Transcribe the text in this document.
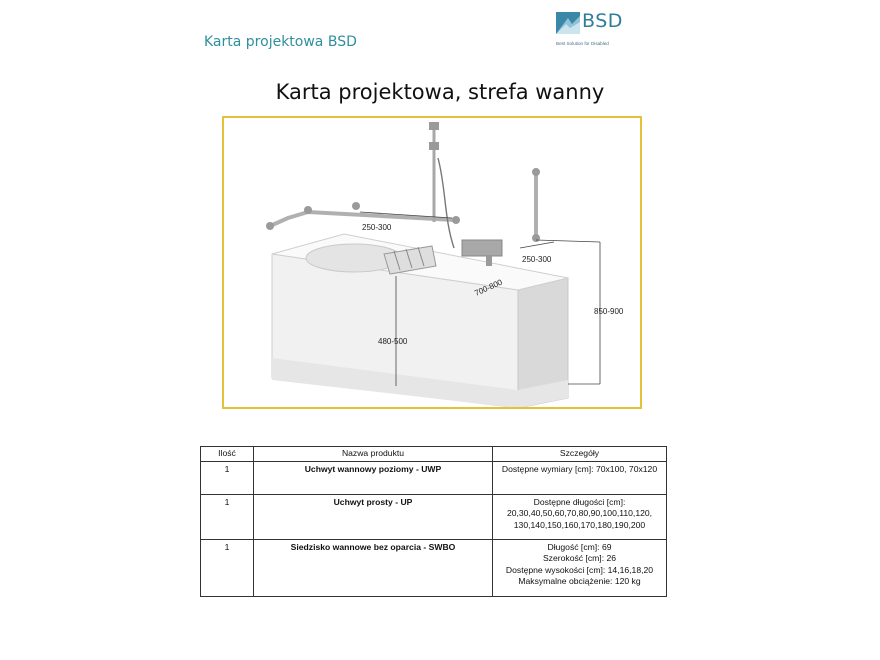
Karta projektowa BSD
BSD
Best Solution for Disabled
Karta projektowa, strefa wanny
250-300
250-300
700-800
480-500
850-900
Ilość	Nazwa produktu	Szczegóły
1	Uchwyt wannowy poziomy - UWP	Dostępne wymiary [cm]: 70x100, 70x120

1	Uchwyt prosty - UP	Dostępne długości [cm]:
20,30,40,50,60,70,80,90,100,110,120,
130,140,150,160,170,180,190,200

1	Siedzisko wannowe bez oparcia - SWBO	Długość [cm]: 69
Szerokość [cm]: 26
Dostępne wysokości [cm]: 14,16,18,20
Maksymalne obciążenie: 120 kg
